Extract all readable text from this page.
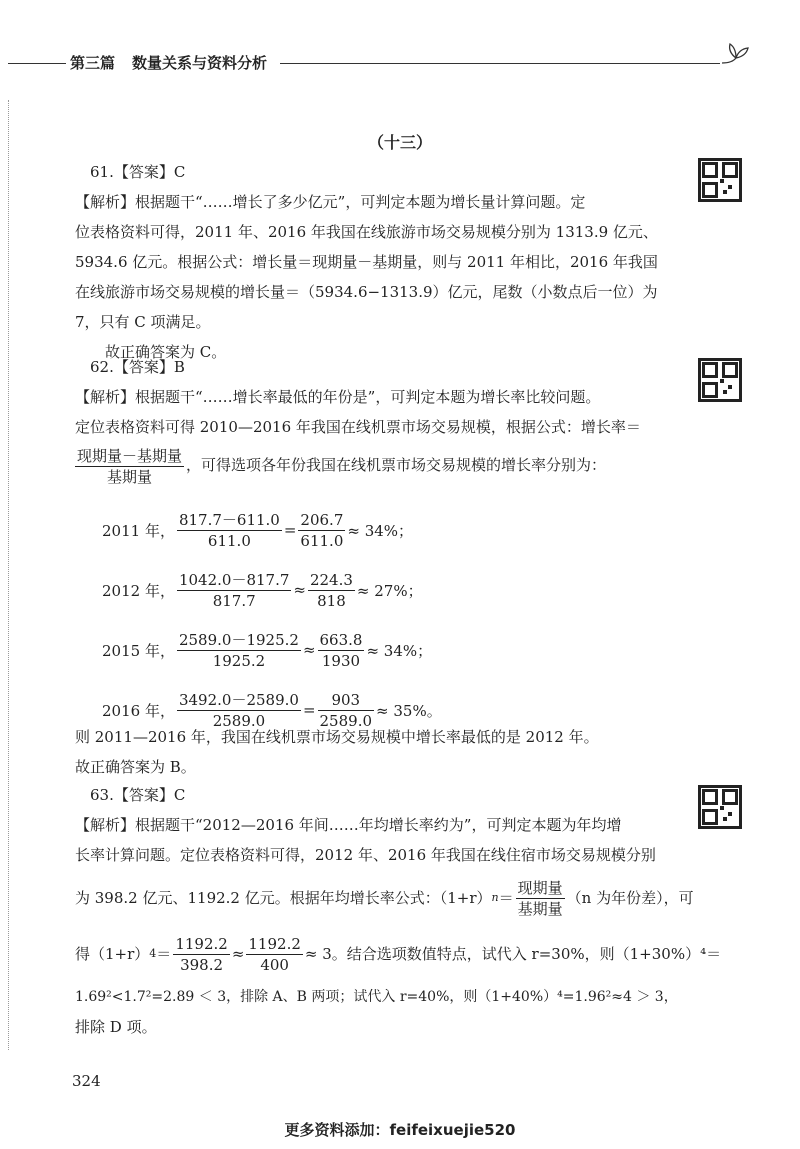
第三篇 数量关系与资料分析
（十三）
61.【答案】C
【解析】根据题干“……增长了多少亿元”，可判定本题为增长量计算问题。定
位表格资料可得，2011 年、2016 年我国在线旅游市场交易规模分别为 1313.9 亿元、
5934.6 亿元。根据公式：增长量＝现期量－基期量，则与 2011 年相比，2016 年我国
在线旅游市场交易规模的增长量＝（5934.6−1313.9）亿元，尾数（小数点后一位）为
7，只有 C 项满足。
故正确答案为 C。
62.【答案】B
【解析】根据题干“……增长率最低的年份是”，可判定本题为增长率比较问题。
定位表格资料可得 2010—2016 年我国在线机票市场交易规模，根据公式：增长率＝
$\frac{\text{现期量－基期量}}{\text{基期量}}$ ，可得选项各年份我国在线机票市场交易规模的增长率分别为：
2011 年， $\frac{817.7-611.0}{611.0} = \frac{206.7}{611.0} \approx 34\%$；
2012 年， $\frac{1042.0-817.7}{817.7} \approx \frac{224.3}{818} \approx 27\%$；
2015 年， $\frac{2589.0-1925.2}{1925.2} \approx \frac{663.8}{1930} \approx 34\%$；
2016 年， $\frac{3492.0-2589.0}{2589.0} = \frac{903}{2589.0} \approx 35\%$。
则 2011—2016 年，我国在线机票市场交易规模中增长率最低的是 2012 年。
故正确答案为 B。
63.【答案】C
【解析】根据题干“2012—2016 年间……年均增长率约为”，可判定本题为年均增
长率计算问题。定位表格资料可得，2012 年、2016 年我国在线住宿市场交易规模分别
为 398.2 亿元、1192.2 亿元。根据年均增长率公式：（1+r） $n = \frac{\text{现期量}}{\text{基期量}} (n$ 为年份差），可
得（1+r） $4 = \frac{1192.2}{398.2} \approx \frac{1192.2}{400} \approx 3$。结合选项数值特点，试代入 r=30%，则（1+30%）⁴＝
1.69²<1.7²=2.89 ＜ 3，排除 A、B 两项；试代入 r=40%，则（1+40%）⁴=1.96²≈4 ＞ 3，
排除 D 项。
324
更多资料添加：feifeixuejie520
